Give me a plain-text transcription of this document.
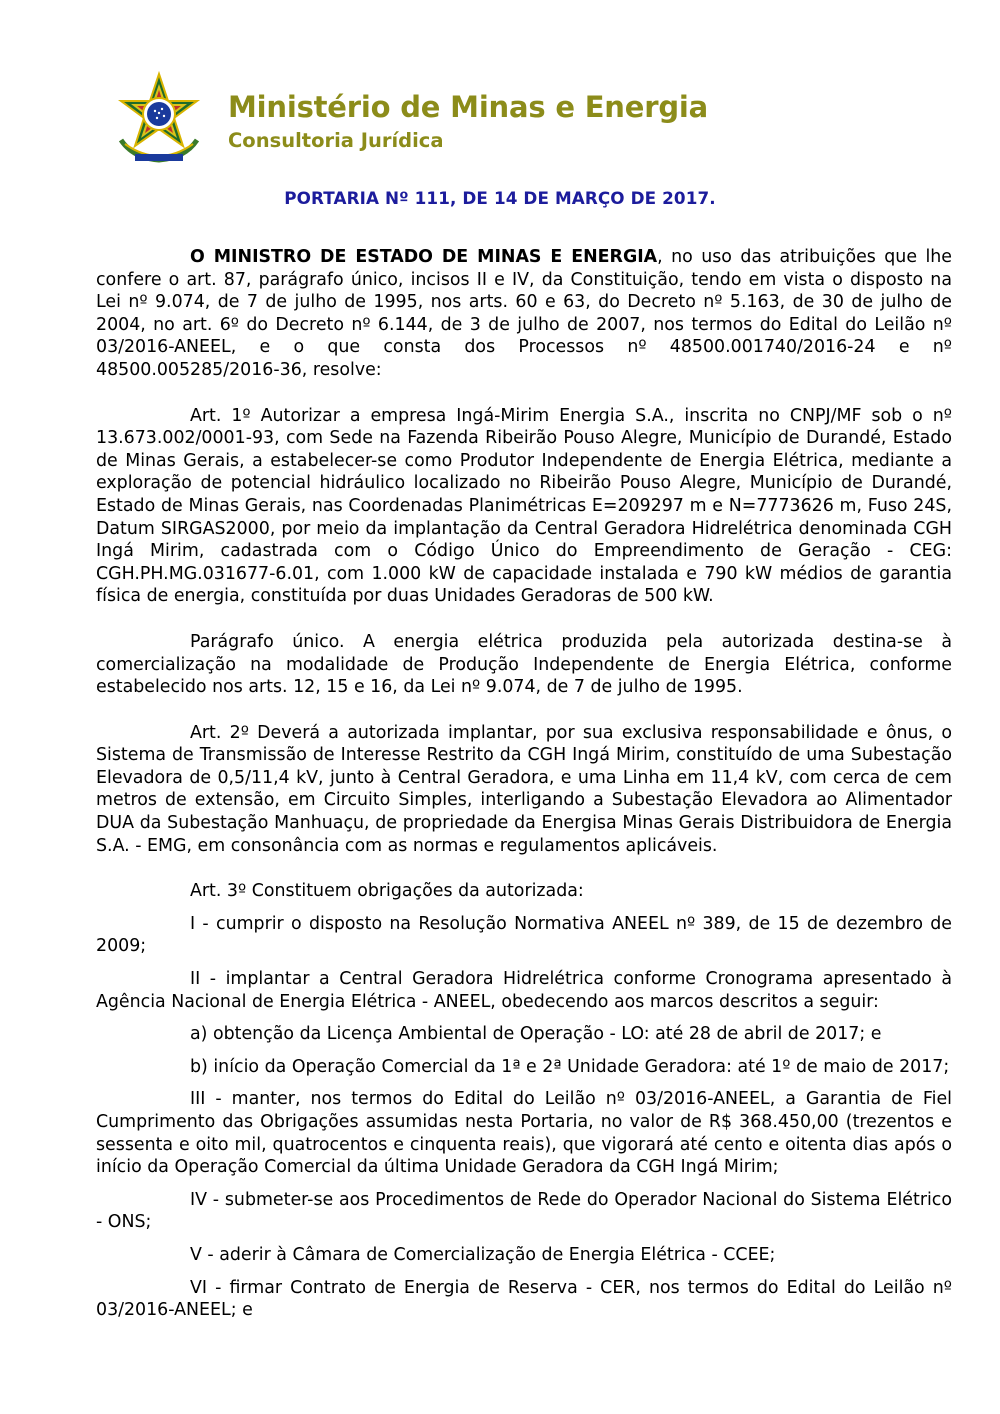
Ministério de Minas e Energia
Consultoria Jurídica
PORTARIA Nº 111, DE 14 DE MARÇO DE 2017.

O MINISTRO DE ESTADO DE MINAS E ENERGIA, no uso das atribuições que lhe confere o art. 87, parágrafo único, incisos II e IV, da Constituição, tendo em vista o disposto na Lei nº 9.074, de 7 de julho de 1995, nos arts. 60 e 63, do Decreto nº 5.163, de 30 de julho de 2004, no art. 6º do Decreto nº 6.144, de 3 de julho de 2007, nos termos do Edital do Leilão nº 03/2016-ANEEL, e o que consta dos Processos nº 48500.001740/2016-24 e nº 48500.005285/2016-36, resolve:

Art. 1º Autorizar a empresa Ingá-Mirim Energia S.A., inscrita no CNPJ/MF sob o nº 13.673.002/0001-93, com Sede na Fazenda Ribeirão Pouso Alegre, Município de Durandé, Estado de Minas Gerais, a estabelecer-se como Produtor Independente de Energia Elétrica, mediante a exploração de potencial hidráulico localizado no Ribeirão Pouso Alegre, Município de Durandé, Estado de Minas Gerais, nas Coordenadas Planimétricas E=209297 m e N=7773626 m, Fuso 24S, Datum SIRGAS2000, por meio da implantação da Central Geradora Hidrelétrica denominada CGH Ingá Mirim, cadastrada com o Código Único do Empreendimento de Geração - CEG: CGH.PH.MG.031677-6.01, com 1.000 kW de capacidade instalada e 790 kW médios de garantia física de energia, constituída por duas Unidades Geradoras de 500 kW.

Parágrafo único. A energia elétrica produzida pela autorizada destina-se à comercialização na modalidade de Produção Independente de Energia Elétrica, conforme estabelecido nos arts. 12, 15 e 16, da Lei nº 9.074, de 7 de julho de 1995.

Art. 2º Deverá a autorizada implantar, por sua exclusiva responsabilidade e ônus, o Sistema de Transmissão de Interesse Restrito da CGH Ingá Mirim, constituído de uma Subestação Elevadora de 0,5/11,4 kV, junto à Central Geradora, e uma Linha em 11,4 kV, com cerca de cem metros de extensão, em Circuito Simples, interligando a Subestação Elevadora ao Alimentador DUA da Subestação Manhuaçu, de propriedade da Energisa Minas Gerais Distribuidora de Energia S.A. - EMG, em consonância com as normas e regulamentos aplicáveis.

Art. 3º Constituem obrigações da autorizada:

I - cumprir o disposto na Resolução Normativa ANEEL nº 389, de 15 de dezembro de 2009;

II - implantar a Central Geradora Hidrelétrica conforme Cronograma apresentado à Agência Nacional de Energia Elétrica - ANEEL, obedecendo aos marcos descritos a seguir:

a) obtenção da Licença Ambiental de Operação - LO: até 28 de abril de 2017; e

b) início da Operação Comercial da 1ª e 2ª Unidade Geradora: até 1º de maio de 2017;

III - manter, nos termos do Edital do Leilão nº 03/2016-ANEEL, a Garantia de Fiel Cumprimento das Obrigações assumidas nesta Portaria, no valor de R$ 368.450,00 (trezentos e sessenta e oito mil, quatrocentos e cinquenta reais), que vigorará até cento e oitenta dias após o início da Operação Comercial da última Unidade Geradora da CGH Ingá Mirim;

IV - submeter-se aos Procedimentos de Rede do Operador Nacional do Sistema Elétrico - ONS;

V - aderir à Câmara de Comercialização de Energia Elétrica - CCEE;

VI - firmar Contrato de Energia de Reserva - CER, nos termos do Edital do Leilão nº 03/2016-ANEEL; e
